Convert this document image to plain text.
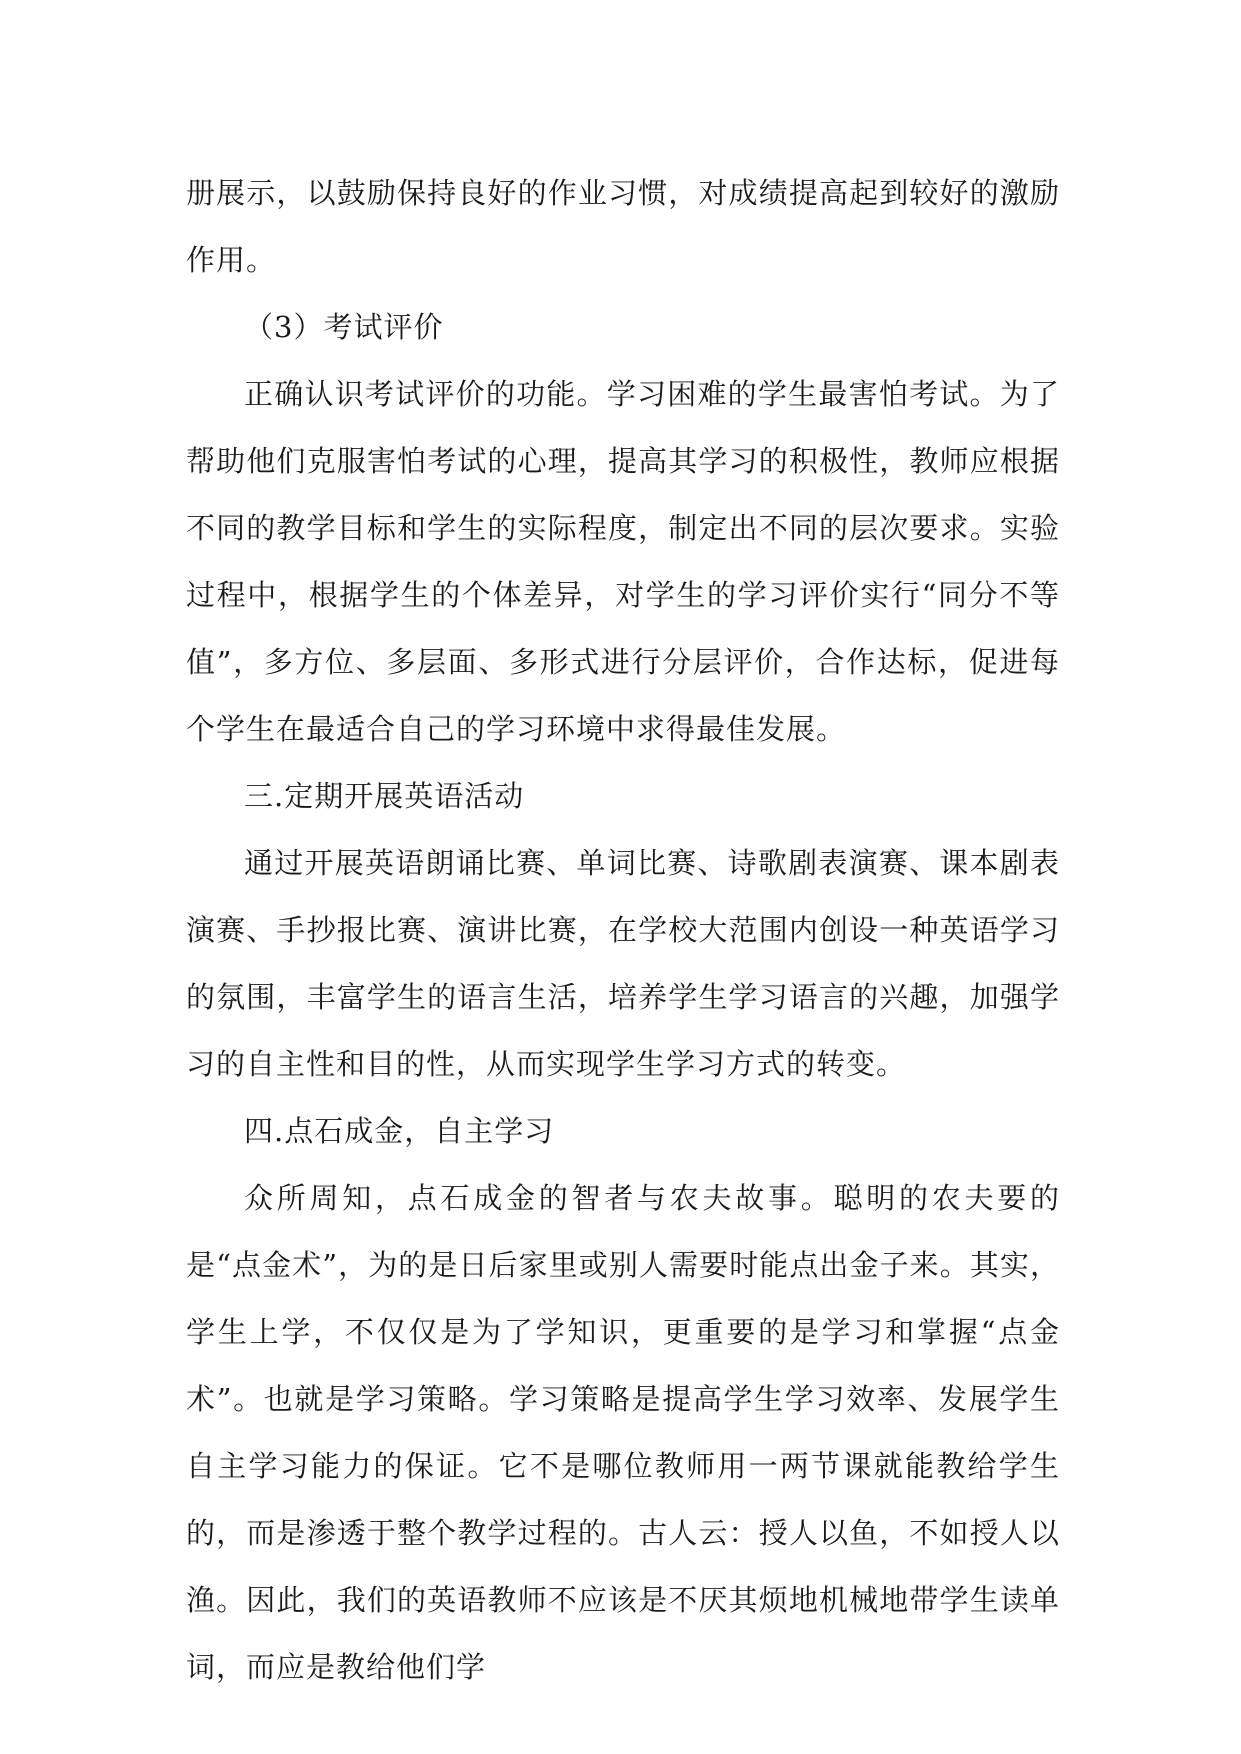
册展示，以鼓励保持良好的作业习惯，对成绩提高起到较好的激励作用。

（3）考试评价

正确认识考试评价的功能。学习困难的学生最害怕考试。为了帮助他们克服害怕考试的心理，提高其学习的积极性，教师应根据不同的教学目标和学生的实际程度，制定出不同的层次要求。实验过程中，根据学生的个体差异，对学生的学习评价实行“同分不等值”，多方位、多层面、多形式进行分层评价，合作达标，促进每个学生在最适合自己的学习环境中求得最佳发展。

三.定期开展英语活动

通过开展英语朗诵比赛、单词比赛、诗歌剧表演赛、课本剧表演赛、手抄报比赛、演讲比赛，在学校大范围内创设一种英语学习的氛围，丰富学生的语言生活，培养学生学习语言的兴趣，加强学习的自主性和目的性，从而实现学生学习方式的转变。

四.点石成金，自主学习

众所周知，点石成金的智者与农夫故事。聪明的农夫要的是“点金术”，为的是日后家里或别人需要时能点出金子来。其实，学生上学，不仅仅是为了学知识，更重要的是学习和掌握“点金术”。也就是学习策略。学习策略是提高学生学习效率、发展学生自主学习能力的保证。它不是哪位教师用一两节课就能教给学生的，而是渗透于整个教学过程的。古人云：授人以鱼，不如授人以渔。因此，我们的英语教师不应该是不厌其烦地机械地带学生读单词，而应是教给他们学
